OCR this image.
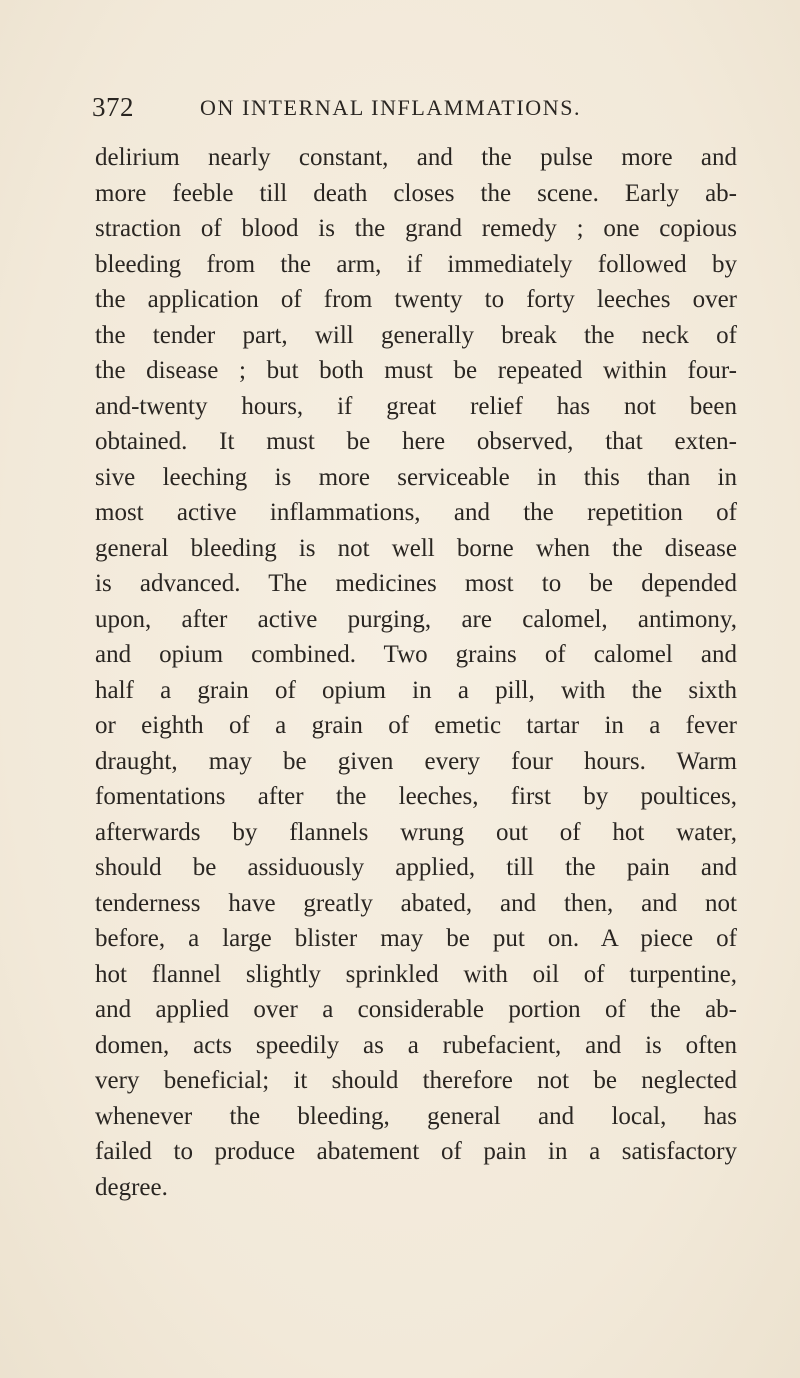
372	ON INTERNAL INFLAMMATIONS.
delirium nearly constant, and the pulse more and
more feeble till death closes the scene. Early ab-
straction of blood is the grand remedy ; one copious
bleeding from the arm, if immediately followed by
the application of from twenty to forty leeches over
the tender part, will generally break the neck of
the disease ; but both must be repeated within four-
and-twenty hours, if great relief has not been
obtained. It must be here observed, that exten-
sive leeching is more serviceable in this than in
most active inflammations, and the repetition of
general bleeding is not well borne when the disease
is advanced. The medicines most to be depended
upon, after active purging, are calomel, antimony,
and opium combined. Two grains of calomel and
half a grain of opium in a pill, with the sixth
or eighth of a grain of emetic tartar in a fever
draught, may be given every four hours. Warm
fomentations after the leeches, first by poultices,
afterwards by flannels wrung out of hot water,
should be assiduously applied, till the pain and
tenderness have greatly abated, and then, and not
before, a large blister may be put on. A piece of
hot flannel slightly sprinkled with oil of turpentine,
and applied over a considerable portion of the ab-
domen, acts speedily as a rubefacient, and is often
very beneficial; it should therefore not be neglected
whenever the bleeding, general and local, has
failed to produce abatement of pain in a satisfactory
degree.
